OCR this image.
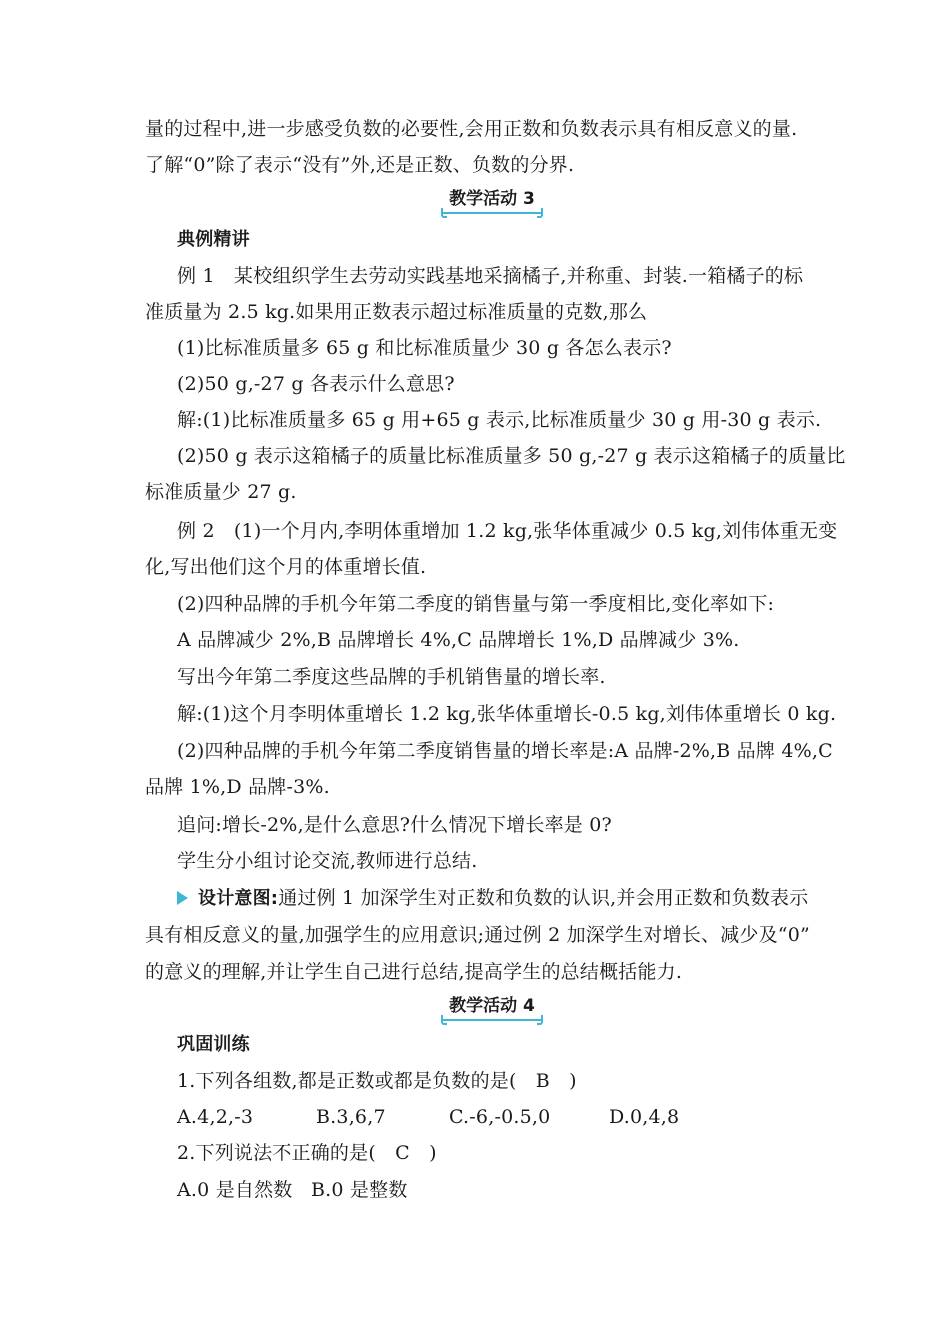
量的过程中,进一步感受负数的必要性,会用正数和负数表示具有相反意义的量.
了解“0”除了表示“没有”外,还是正数、负数的分界.
教学活动 3
典例精讲
例 1　某校组织学生去劳动实践基地采摘橘子,并称重、封装.一箱橘子的标
准质量为 2.5 kg.如果用正数表示超过标准质量的克数,那么
(1)比标准质量多 65 g 和比标准质量少 30 g 各怎么表示?
(2)50 g,-27 g 各表示什么意思?
解:(1)比标准质量多 65 g 用+65 g 表示,比标准质量少 30 g 用-30 g 表示.
(2)50 g 表示这箱橘子的质量比标准质量多 50 g,-27 g 表示这箱橘子的质量比
标准质量少 27 g.
例 2　(1)一个月内,李明体重增加 1.2 kg,张华体重减少 0.5 kg,刘伟体重无变
化,写出他们这个月的体重增长值.
(2)四种品牌的手机今年第二季度的销售量与第一季度相比,变化率如下:
A 品牌减少 2%,B 品牌增长 4%,C 品牌增长 1%,D 品牌减少 3%.
写出今年第二季度这些品牌的手机销售量的增长率.
解:(1)这个月李明体重增长 1.2 kg,张华体重增长-0.5 kg,刘伟体重增长 0 kg.
(2)四种品牌的手机今年第二季度销售量的增长率是:A 品牌-2%,B 品牌 4%,C
品牌 1%,D 品牌-3%.
追问:增长-2%,是什么意思?什么情况下增长率是 0?
学生分小组讨论交流,教师进行总结.
设计意图:通过例 1 加深学生对正数和负数的认识,并会用正数和负数表示
具有相反意义的量,加强学生的应用意识;通过例 2 加深学生对增长、减少及“0”
的意义的理解,并让学生自己进行总结,提高学生的总结概括能力.
教学活动 4
巩固训练
1.下列各组数,都是正数或都是负数的是(　B　)
A.4,2,-3	B.3,6,7	C.-6,-0.5,0	D.0,4,8
2.下列说法不正确的是(　C　)
A.0 是自然数 B.0 是整数
